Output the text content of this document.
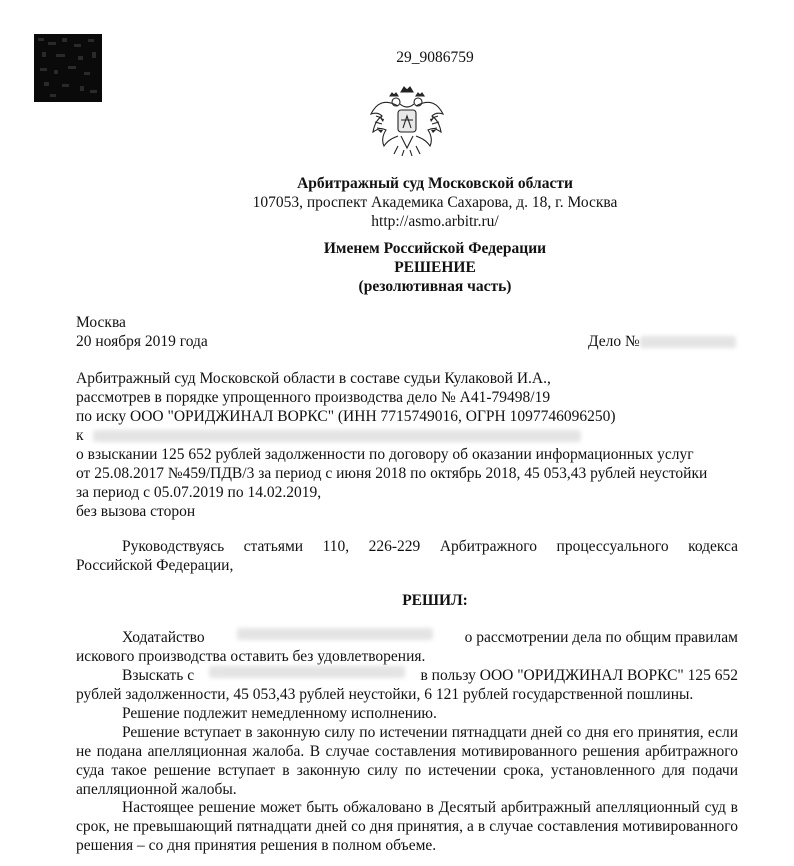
29_9086759
Арбитражный суд Московской области
107053, проспект Академика Сахарова, д. 18, г. Москва
http://asmo.arbitr.ru/
Именем Российской Федерации
РЕШЕНИЕ
(резолютивная часть)
Москва
20 ноября 2019 года	Дело №
Арбитражный суд Московской области в составе судьи Кулаковой И.А.,
рассмотрев в порядке упрощенного производства дело № А41-79498/19
по иску ООО "ОРИДЖИНАЛ ВОРКС" (ИНН 7715749016, ОГРН 1097746096250)
к
о взыскании 125 652 рублей задолженности по договору об оказании информационных услуг
от 25.08.2017 №459/ПДВ/3 за период с июня 2018 по октябрь 2018, 45 053,43 рублей неустойки
за период с 05.07.2019 по 14.02.2019,
без вызова сторон
Руководствуясь статьями 110, 226-229 Арбитражного процессуального кодекса
Российской Федерации,
РЕШИЛ:
Ходатайство	о рассмотрении дела по общим правилам
искового производства оставить без удовлетворения.
Взыскать с	в пользу ООО "ОРИДЖИНАЛ ВОРКС" 125 652
рублей задолженности, 45 053,43 рублей неустойки, 6 121 рублей государственной пошлины.
Решение подлежит немедленному исполнению.
Решение вступает в законную силу по истечении пятнадцати дней со дня его принятия, если не подана апелляционная жалоба. В случае составления мотивированного решения арбитражного суда такое решение вступает в законную силу по истечении срока, установленного для подачи апелляционной жалобы.
Настоящее решение может быть обжаловано в Десятый арбитражный апелляционный суд в срок, не превышающий пятнадцати дней со дня принятия, а в случае составления мотивированного решения – со дня принятия решения в полном объеме.
